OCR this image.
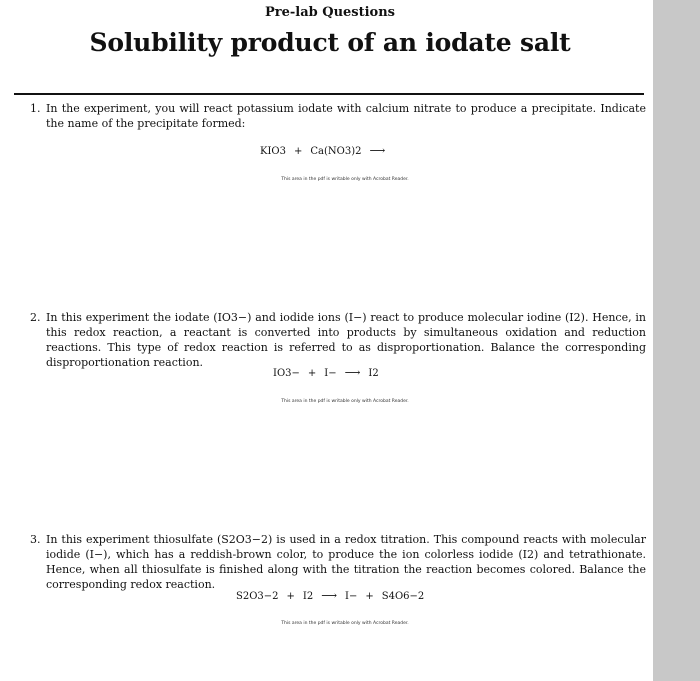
Pre-lab Questions
Solubility product of an iodate salt
1. In the experiment, you will react potassium iodate with calcium nitrate to produce a precipitate. Indicate the name of the precipitate formed:
KIO3 + Ca(NO3)2 ⟶
This area in the pdf is writable only with Acrobat Reader.
2. In this experiment the iodate (IO3−) and iodide ions (I−) react to produce molecular iodine (I2). Hence, in this redox reaction, a reactant is converted into products by simultaneous oxidation and reduction reactions. This type of redox reaction is referred to as disproportionation. Balance the corresponding disproportionation reaction.
IO3− + I− ⟶ I2
This area in the pdf is writable only with Acrobat Reader.
3. In this experiment thiosulfate (S2O3−2) is used in a redox titration. This compound reacts with molecular iodide (I−), which has a reddish-brown color, to produce the ion colorless iodide (I2) and tetrathionate. Hence, when all thiosulfate is finished along with the titration the reaction becomes colored. Balance the corresponding redox reaction.
S2O3−2 + I2 ⟶ I− + S4O6−2
This area in the pdf is writable only with Acrobat Reader.
